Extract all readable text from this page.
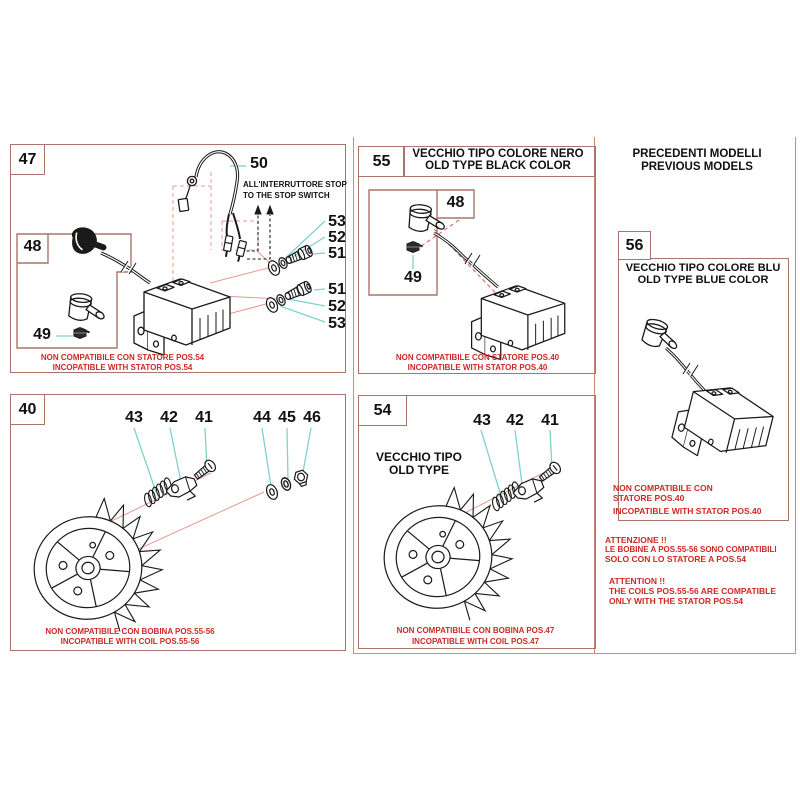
47
40
55
54
56
48
50
ALL'INTERRUTTORE STOP
TO THE STOP SWITCH
53
52
51
51
52
53
49
NON COMPATIBILE CON STATORE POS.54
INCOPATIBLE WITH STATOR POS.54
43 42 41	44 45 46
NON COMPATIBILE CON BOBINA POS.55-56
INCOPATIBLE WITH COIL POS.55-56
VECCHIO TIPO COLORE NERO
OLD TYPE BLACK COLOR
48
49
NON COMPATIBILE CON STATORE POS.40
INCOPATIBLE WITH STATOR POS.40
VECCHIO TIPO
OLD TYPE
43 42 41
NON COMPATIBILE CON BOBINA POS.47
INCOPATIBLE WITH COIL POS.47
PRECEDENTI MODELLI
PREVIOUS MODELS
VECCHIO TIPO COLORE BLU
OLD TYPE BLUE COLOR
NON COMPATIBILE CON
STATORE POS.40
INCOPATIBLE WITH STATOR POS.40
ATTENZIONE !!
LE BOBINE A POS.55-56 SONO COMPATIBILI
SOLO CON LO STATORE A POS.54
ATTENTION !!
THE COILS POS.55-56 ARE COMPATIBLE
ONLY WITH THE STATOR POS.54
